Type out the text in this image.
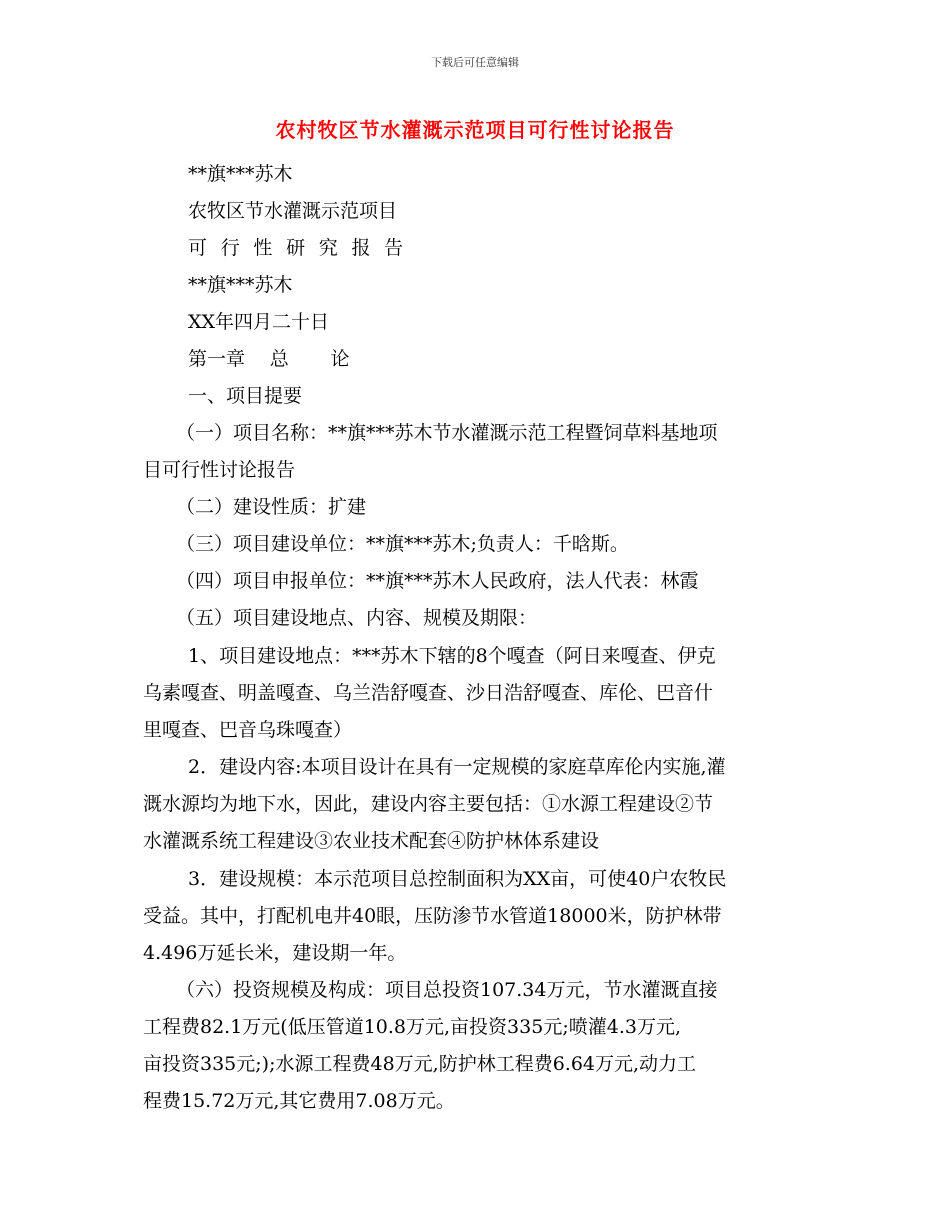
下载后可任意编辑
农村牧区节水灌溉示范项目可行性讨论报告
**旗***苏木
农牧区节水灌溉示范项目
可 行 性 研 究 报 告
**旗***苏木
XX年四月二十日
第一章 总 论
一、项目提要
（一）项目名称：**旗***苏木节水灌溉示范工程暨饲草料基地项
目可行性讨论报告
（二）建设性质：扩建
（三）项目建设单位：**旗***苏木;负责人：千晗斯。
（四）项目申报单位：**旗***苏木人民政府，法人代表：林霞
（五）项目建设地点、内容、规模及期限：
1、项目建设地点：***苏木下辖的8个嘎查（阿日来嘎查、伊克
乌素嘎查、明盖嘎查、乌兰浩舒嘎查、沙日浩舒嘎查、库伦、巴音什
里嘎查、巴音乌珠嘎查）
2．建设内容:本项目设计在具有一定规模的家庭草库伦内实施,灌
溉水源均为地下水，因此，建设内容主要包括：①水源工程建设②节
水灌溉系统工程建设③农业技术配套④防护林体系建设
3．建设规模：本示范项目总控制面积为XX亩，可使40户农牧民
受益。其中，打配机电井40眼，压防渗节水管道18000米，防护林带
4.496万延长米，建设期一年。
（六）投资规模及构成：项目总投资107.34万元，节水灌溉直接
工程费82.1万元(低压管道10.8万元,亩投资335元;喷灌4.3万元,
亩投资335元;);水源工程费48万元,防护林工程费6.64万元,动力工
程费15.72万元,其它费用7.08万元。
